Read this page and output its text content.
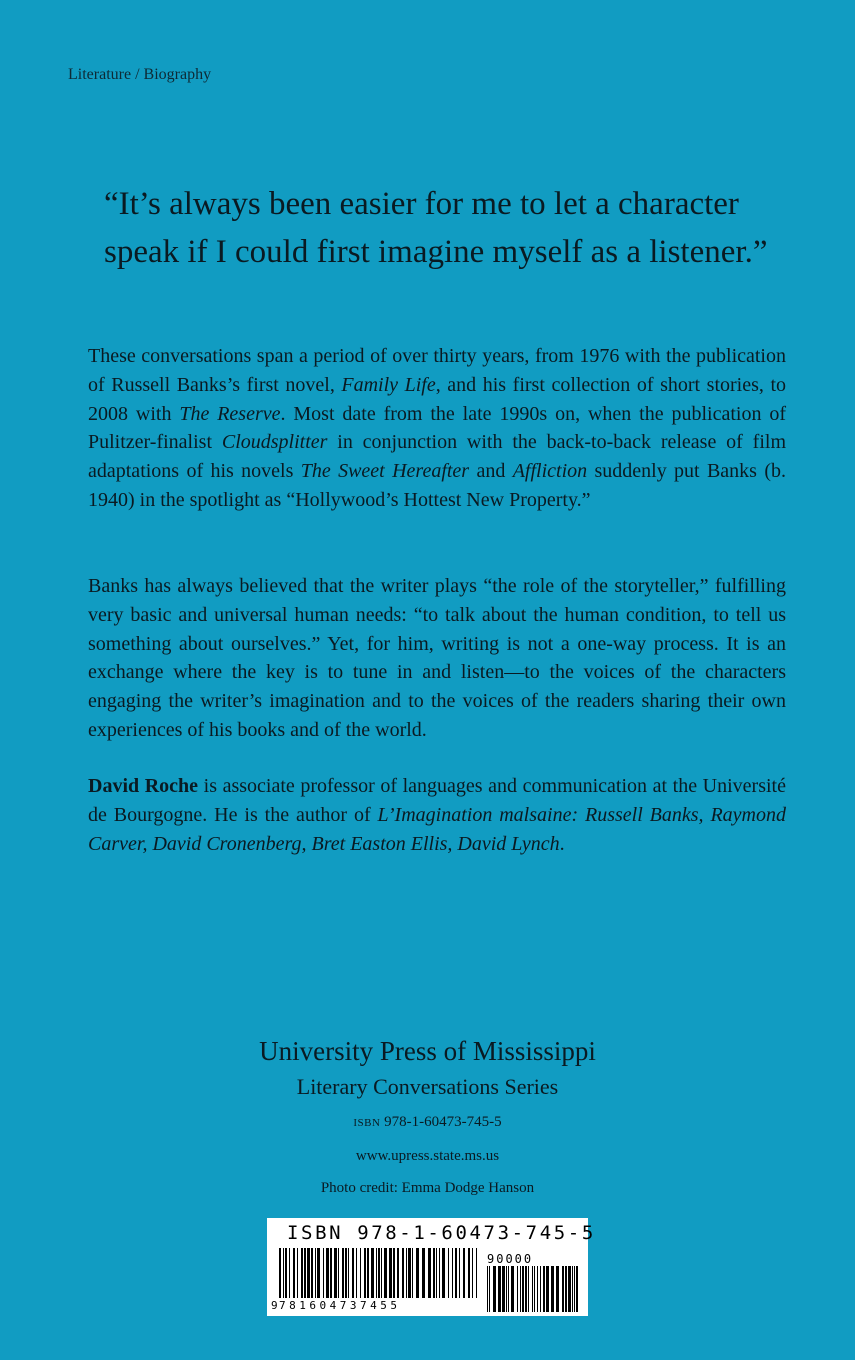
Literature / Biography
“It’s always been easier for me to let a character speak if I could first imagine myself as a listener.”

These conversations span a period of over thirty years, from 1976 with the publication of Russell Banks’s first novel, Family Life, and his first collection of short stories, to 2008 with The Reserve. Most date from the late 1990s on, when the publication of Pulitzer-finalist Cloudsplitter in conjunction with the back-to-back release of film adaptations of his novels The Sweet Hereafter and Affliction suddenly put Banks (b. 1940) in the spotlight as “Hollywood’s Hottest New Property.”

Banks has always believed that the writer plays “the role of the storyteller,” fulfilling very basic and universal human needs: “to talk about the human condition, to tell us something about ourselves.” Yet, for him, writing is not a one-way process. It is an exchange where the key is to tune in and listen—to the voices of the characters engaging the writer’s imagination and to the voices of the readers sharing their own experiences of his books and of the world.

David Roche is associate professor of languages and communication at the Université de Bourgogne. He is the author of L’Imagination malsaine: Russell Banks, Raymond Carver, David Cronenberg, Bret Easton Ellis, David Lynch.

University Press of Mississippi
Literary Conversations Series
ISBN 978-1-60473-745-5
www.upress.state.ms.us
Photo credit: Emma Dodge Hanson
ISBN 978-1-60473-745-5
90000
9 781604737455
